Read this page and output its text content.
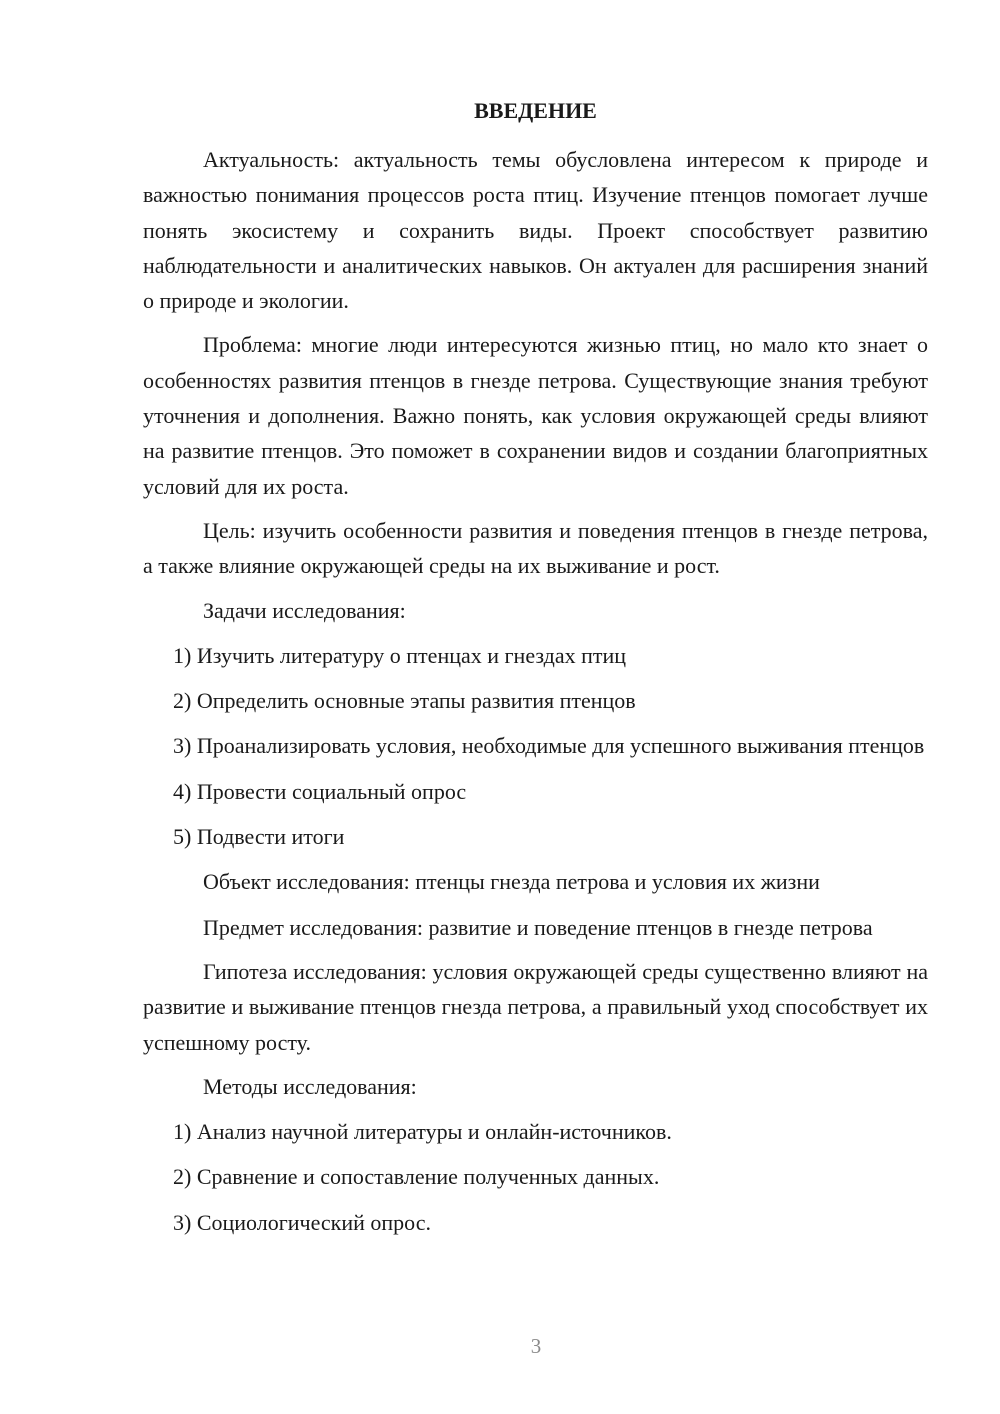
ВВЕДЕНИЕ

Актуальность: актуальность темы обусловлена интересом к природе и важностью понимания процессов роста птиц. Изучение птенцов помогает лучше понять экосистему и сохранить виды. Проект способствует развитию наблюдательности и аналитических навыков. Он актуален для расширения знаний о природе и экологии.

Проблема: многие люди интересуются жизнью птиц, но мало кто знает о особенностях развития птенцов в гнезде петрова. Существующие знания требуют уточнения и дополнения. Важно понять, как условия окружающей среды влияют на развитие птенцов. Это поможет в сохранении видов и создании благоприятных условий для их роста.

Цель: изучить особенности развития и поведения птенцов в гнезде петрова, а также влияние окружающей среды на их выживание и рост.

Задачи исследования:

1) Изучить литературу о птенцах и гнездах птиц

2) Определить основные этапы развития птенцов

3) Проанализировать условия, необходимые для успешного выживания птенцов

4) Провести социальный опрос

5) Подвести итоги

Объект исследования: птенцы гнезда петрова и условия их жизни

Предмет исследования: развитие и поведение птенцов в гнезде петрова

Гипотеза исследования: условия окружающей среды существенно влияют на развитие и выживание птенцов гнезда петрова, а правильный уход способствует их успешному росту.

Методы исследования:

1) Анализ научной литературы и онлайн-источников.

2) Сравнение и сопоставление полученных данных.

3) Социологический опрос.

3
